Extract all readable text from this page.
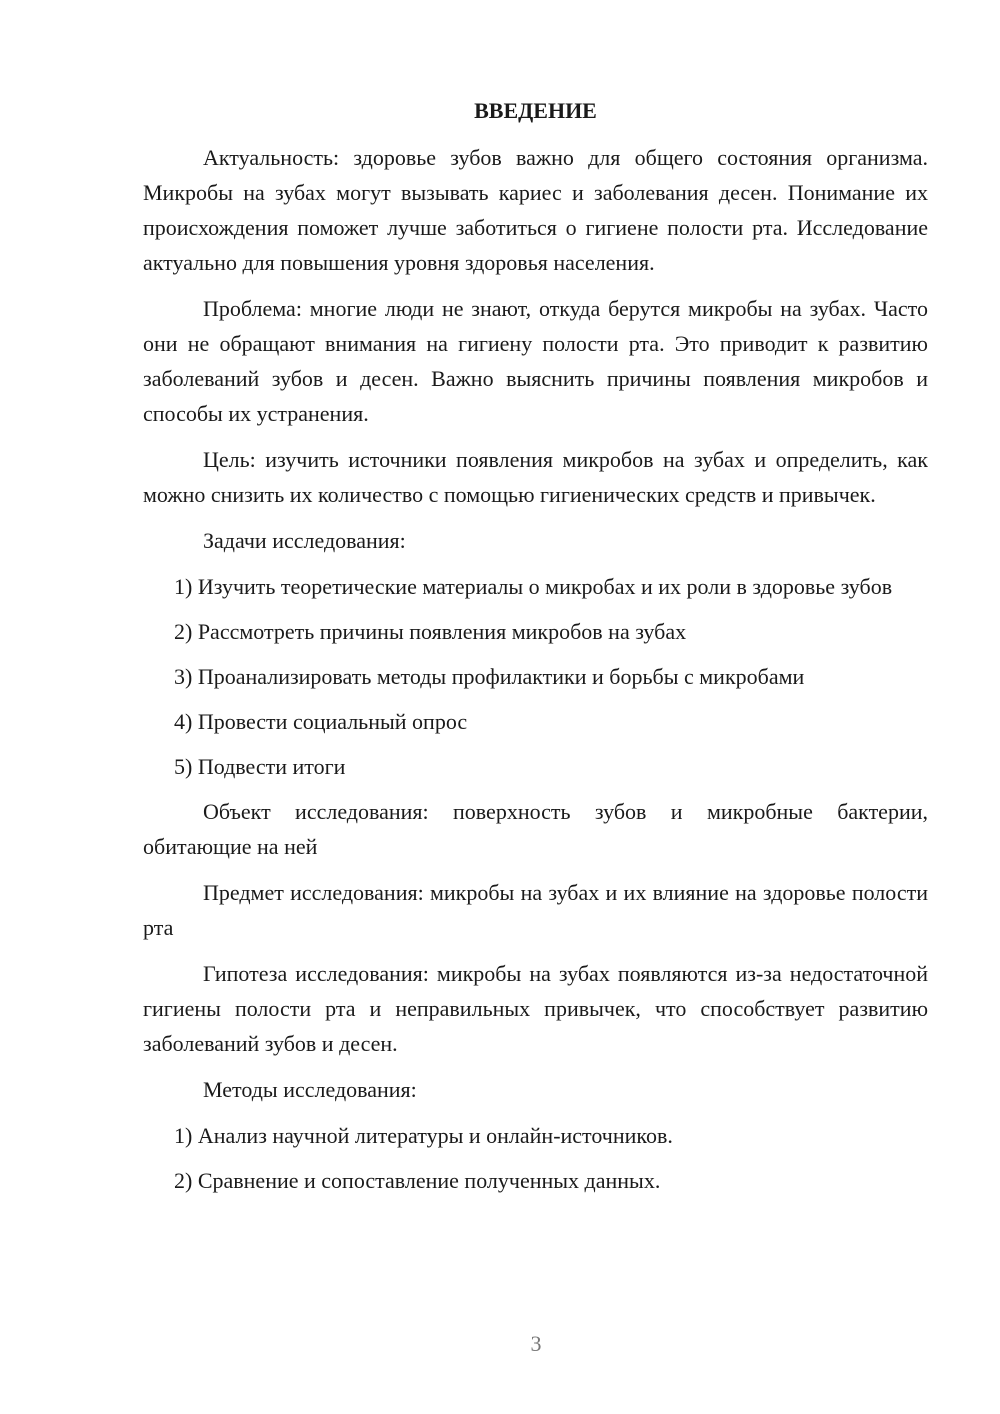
ВВЕДЕНИЕ

Актуальность: здоровье зубов важно для общего состояния организма. Микробы на зубах могут вызывать кариес и заболевания десен. Понимание их происхождения поможет лучше заботиться о гигиене полости рта. Исследование актуально для повышения уровня здоровья населения.

Проблема: многие люди не знают, откуда берутся микробы на зубах. Часто они не обращают внимания на гигиену полости рта. Это приводит к развитию заболеваний зубов и десен. Важно выяснить причины появления микробов и способы их устранения.

Цель: изучить источники появления микробов на зубах и определить, как можно снизить их количество с помощью гигиенических средств и привычек.

Задачи исследования:

1) Изучить теоретические материалы о микробах и их роли в здоровье зубов

2) Рассмотреть причины появления микробов на зубах

3) Проанализировать методы профилактики и борьбы с микробами

4) Провести социальный опрос

5) Подвести итоги

Объект исследования: поверхность зубов и микробные бактерии, обитающие на ней

Предмет исследования: микробы на зубах и их влияние на здоровье полости рта

Гипотеза исследования: микробы на зубах появляются из-за недостаточной гигиены полости рта и неправильных привычек, что способствует развитию заболеваний зубов и десен.

Методы исследования:

1) Анализ научной литературы и онлайн-источников.

2) Сравнение и сопоставление полученных данных.

3
